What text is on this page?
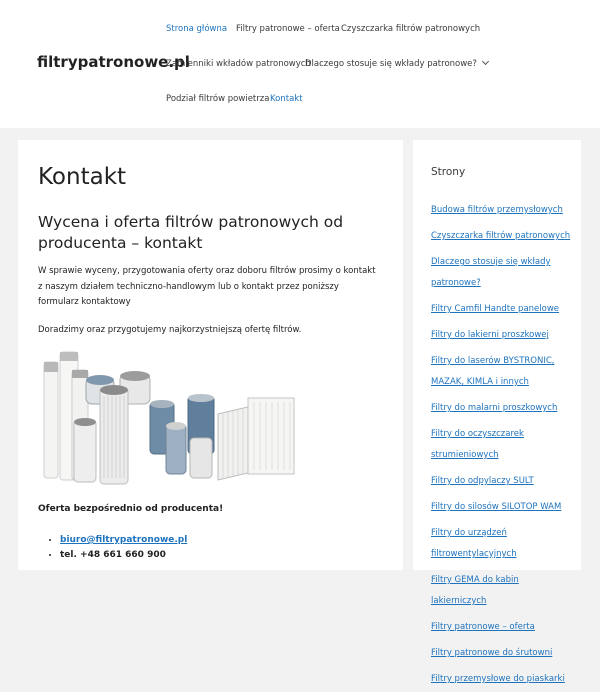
filtrypatronowe.pl
Strona główna Filtry patronowe – oferta Czyszczarka filtrów patronowych
Zamienniki wkładów patronowych
Dlaczego stosuje się wkłady patronowe?
Podział filtrów powietrza Kontakt
Kontakt
Wycena i oferta filtrów patronowych od producenta – kontakt

W sprawie wyceny, przygotowania oferty oraz doboru filtrów prosimy o kontakt z naszym działem techniczno-handlowym lub o kontakt przez poniższy formularz kontaktowy

Doradzimy oraz przygotujemy najkorzystniejszą ofertę filtrów.

Oferta bezpośrednio od producenta!

• biuro@filtrypatronowe.pl
• tel. +48 661 660 900
Strony
Budowa filtrów przemysłowych
Czyszczarka filtrów patronowych
Dlaczego stosuje się wkłady patronowe?
Filtry Camfil Handte panelowe
Filtry do lakierni proszkowej
Filtry do laserów BYSTRONIC, MAZAK, KIMLA i innych
Filtry do malarni proszkowych
Filtry do oczyszczarek strumieniowych
Filtry do odpylaczy SULT
Filtry do silosów SILOTOP WAM
Filtry do urządzeń filtrowentylacyjnych
Filtry GEMA do kabin lakierniczych
Filtry patronowe – oferta
Filtry patronowe do śrutowni
Filtry przemysłowe do piaskarki
